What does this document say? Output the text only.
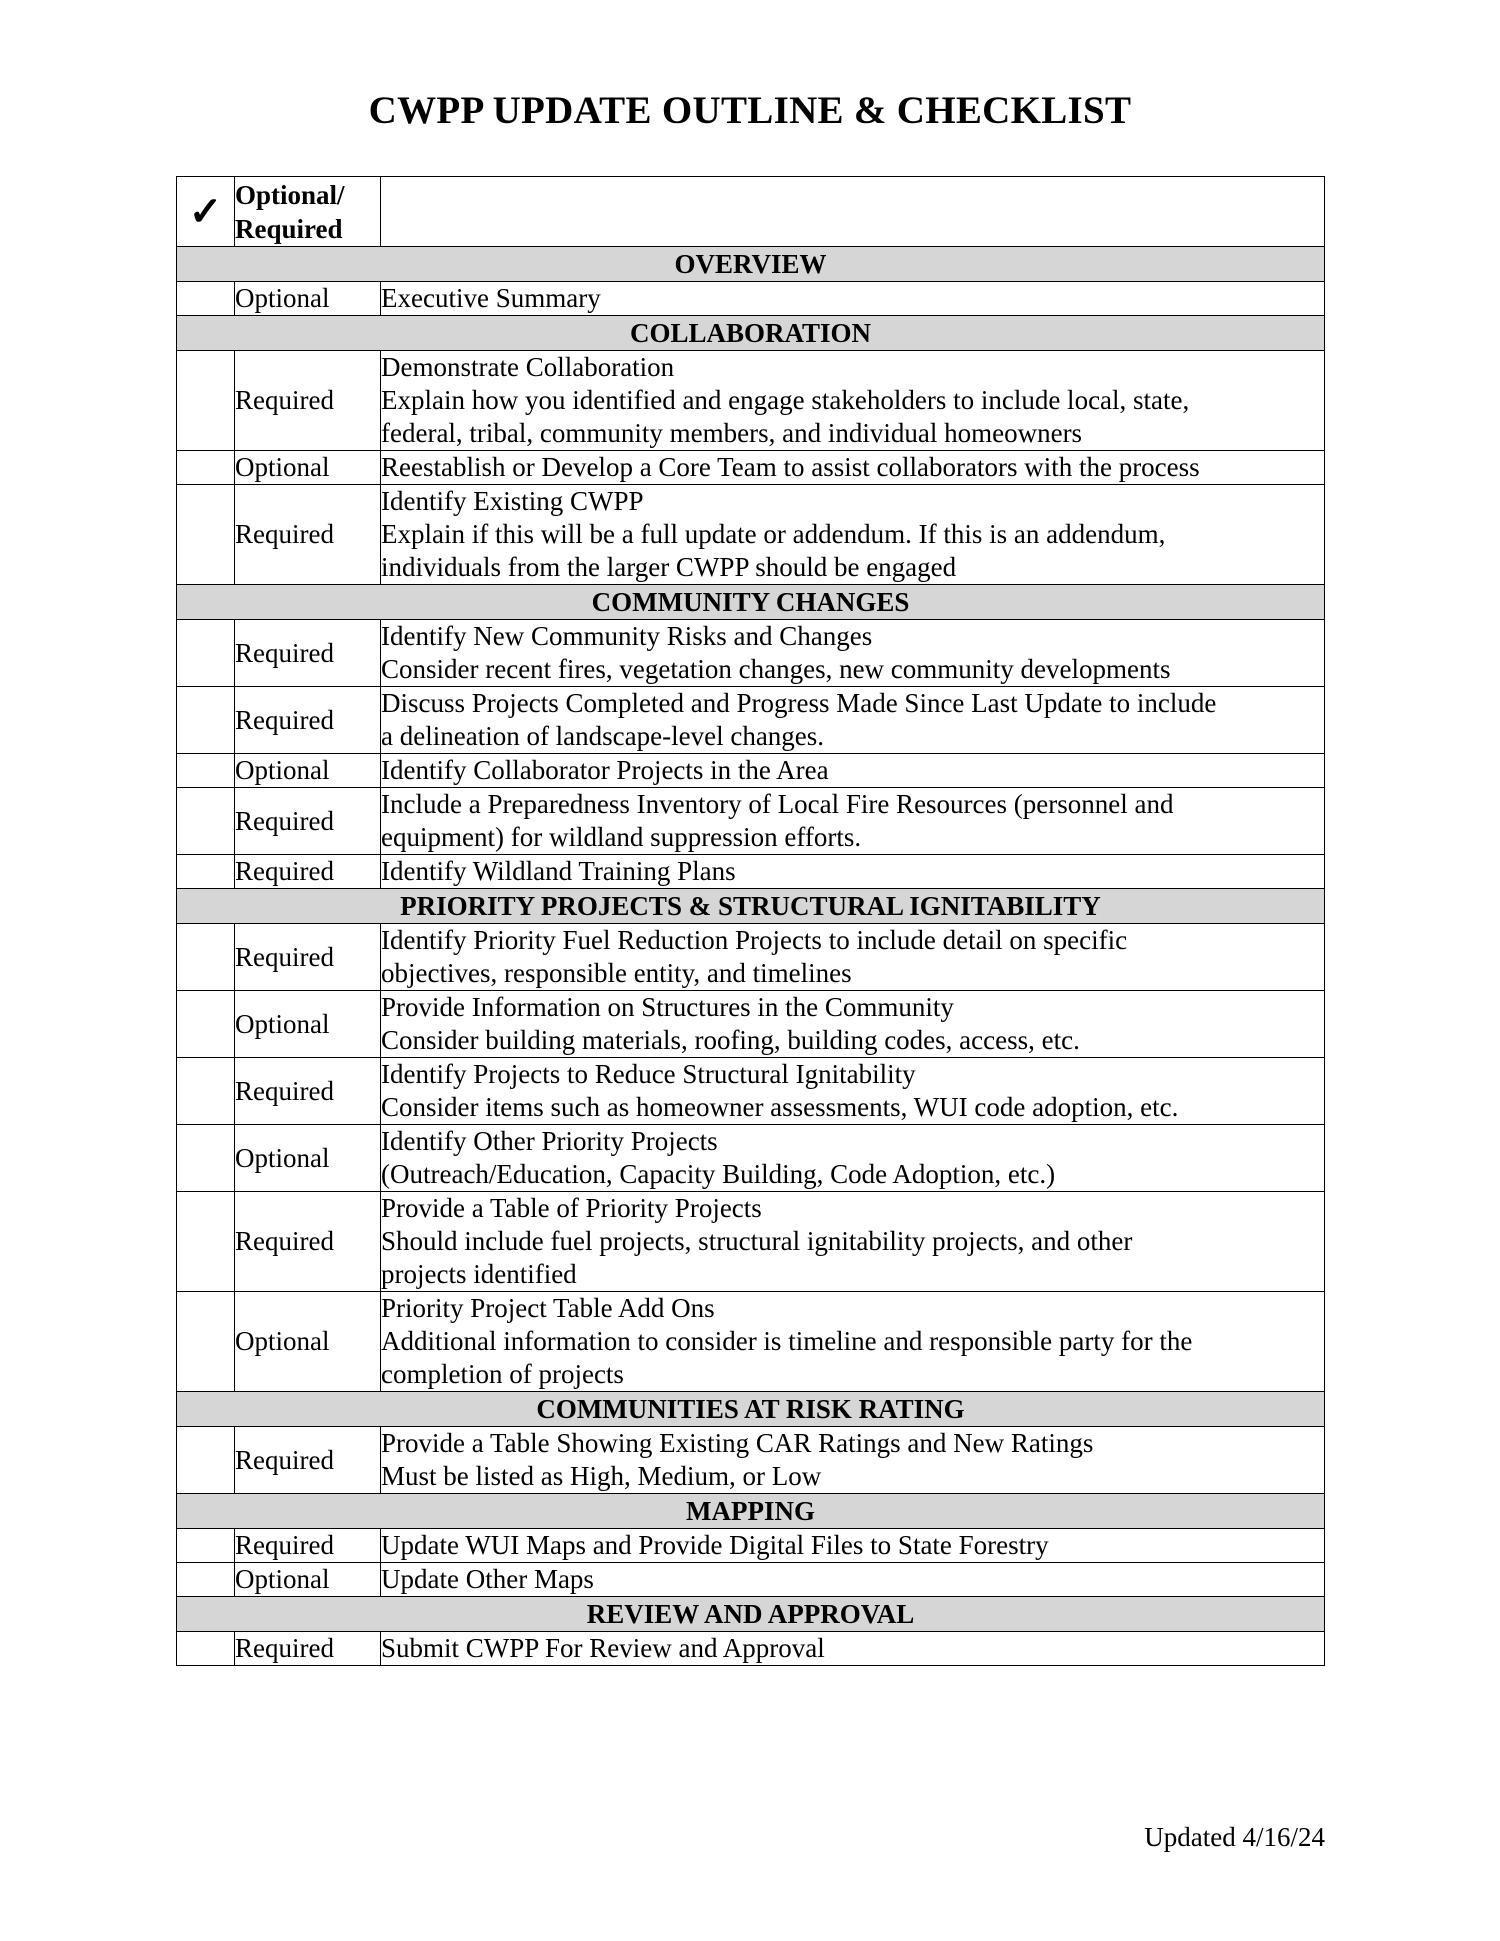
CWPP UPDATE OUTLINE & CHECKLIST
✓	Optional/
Required	
OVERVIEW		
	Optional	Executive Summary

COLLABORATION		
	Required	Demonstrate Collaboration
Explain how you identified and engage stakeholders to include local, state,
federal, tribal, community members, and individual homeowners

	Optional	Reestablish or Develop a Core Team to assist collaborators with the process

	Required	Identify Existing CWPP
Explain if this will be a full update or addendum. If this is an addendum,
individuals from the larger CWPP should be engaged

COMMUNITY CHANGES		
	Required	Identify New Community Risks and Changes
Consider recent fires, vegetation changes, new community developments

	Required	Discuss Projects Completed and Progress Made Since Last Update to include
a delineation of landscape-level changes.

	Optional	Identify Collaborator Projects in the Area

	Required	Include a Preparedness Inventory of Local Fire Resources (personnel and
equipment) for wildland suppression efforts.

	Required	Identify Wildland Training Plans

PRIORITY PROJECTS & STRUCTURAL IGNITABILITY		
	Required	Identify Priority Fuel Reduction Projects to include detail on specific
objectives, responsible entity, and timelines

	Optional	Provide Information on Structures in the Community
Consider building materials, roofing, building codes, access, etc.

	Required	Identify Projects to Reduce Structural Ignitability
Consider items such as homeowner assessments, WUI code adoption, etc.

	Optional	Identify Other Priority Projects
(Outreach/Education, Capacity Building, Code Adoption, etc.)

	Required	Provide a Table of Priority Projects
Should include fuel projects, structural ignitability projects, and other
projects identified

	Optional	Priority Project Table Add Ons
Additional information to consider is timeline and responsible party for the
completion of projects

COMMUNITIES AT RISK RATING		
	Required	Provide a Table Showing Existing CAR Ratings and New Ratings
Must be listed as High, Medium, or Low

MAPPING		
	Required	Update WUI Maps and Provide Digital Files to State Forestry

	Optional	Update Other Maps

REVIEW AND APPROVAL		
	Required	Submit CWPP For Review and Approval
Updated 4/16/24
